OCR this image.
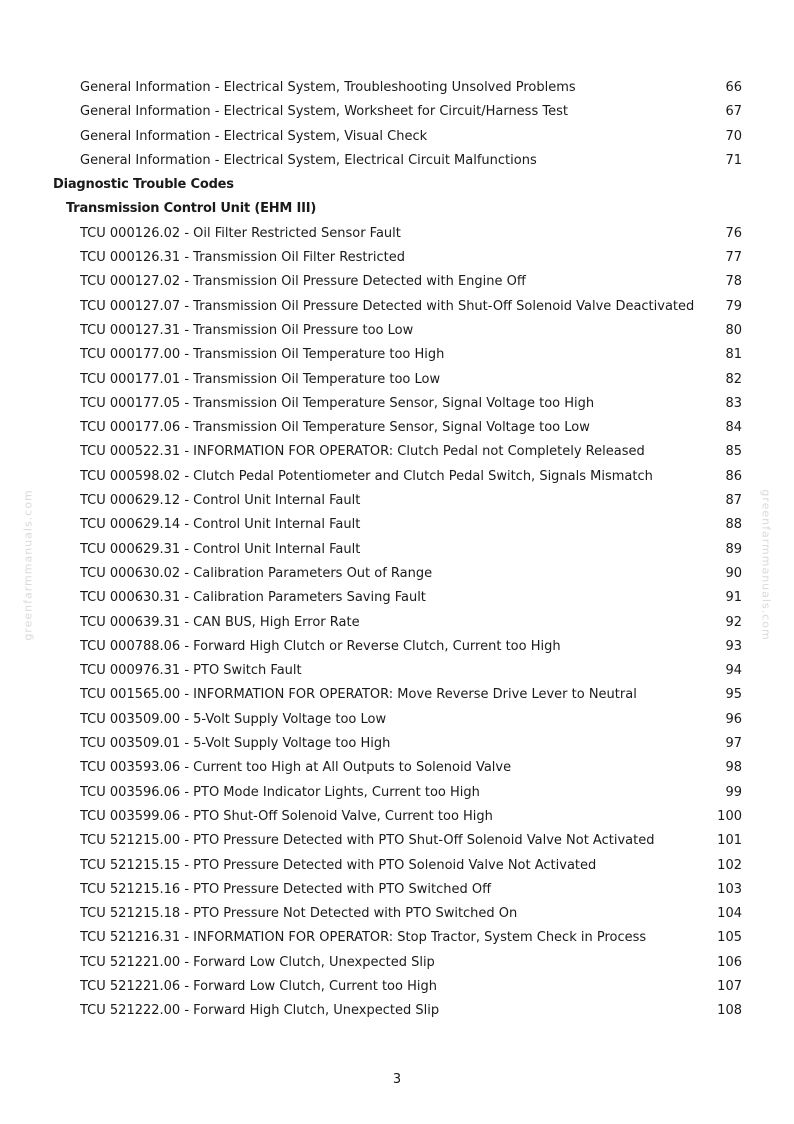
greenfarmmanuals.com	greenfarmmanuals.com
General Information - Electrical System, Troubleshooting Unsolved Problems	66
General Information - Electrical System, Worksheet for Circuit/Harness Test	67
General Information - Electrical System, Visual Check	70
General Information - Electrical System, Electrical Circuit Malfunctions	71
Diagnostic Trouble Codes
Transmission Control Unit (EHM III)
TCU 000126.02 - Oil Filter Restricted Sensor Fault	76
TCU 000126.31 - Transmission Oil Filter Restricted	77
TCU 000127.02 - Transmission Oil Pressure Detected with Engine Off	78
TCU 000127.07 - Transmission Oil Pressure Detected with Shut-Off Solenoid Valve Deactivated 79
TCU 000127.31 - Transmission Oil Pressure too Low	80
TCU 000177.00 - Transmission Oil Temperature too High	81
TCU 000177.01 - Transmission Oil Temperature too Low	82
TCU 000177.05 - Transmission Oil Temperature Sensor, Signal Voltage too High	83
TCU 000177.06 - Transmission Oil Temperature Sensor, Signal Voltage too Low	84
TCU 000522.31 - INFORMATION FOR OPERATOR: Clutch Pedal not Completely Released	85
TCU 000598.02 - Clutch Pedal Potentiometer and Clutch Pedal Switch, Signals Mismatch	86
TCU 000629.12 - Control Unit Internal Fault	87
TCU 000629.14 - Control Unit Internal Fault	88
TCU 000629.31 - Control Unit Internal Fault	89
TCU 000630.02 - Calibration Parameters Out of Range	90
TCU 000630.31 - Calibration Parameters Saving Fault	91
TCU 000639.31 - CAN BUS, High Error Rate	92
TCU 000788.06 - Forward High Clutch or Reverse Clutch, Current too High	93
TCU 000976.31 - PTO Switch Fault	94
TCU 001565.00 - INFORMATION FOR OPERATOR: Move Reverse Drive Lever to Neutral	95
TCU 003509.00 - 5-Volt Supply Voltage too Low	96
TCU 003509.01 - 5-Volt Supply Voltage too High	97
TCU 003593.06 - Current too High at All Outputs to Solenoid Valve	98
TCU 003596.06 - PTO Mode Indicator Lights, Current too High	99
TCU 003599.06 - PTO Shut-Off Solenoid Valve, Current too High	100
TCU 521215.00 - PTO Pressure Detected with PTO Shut-Off Solenoid Valve Not Activated	101
TCU 521215.15 - PTO Pressure Detected with PTO Solenoid Valve Not Activated	102
TCU 521215.16 - PTO Pressure Detected with PTO Switched Off	103
TCU 521215.18 - PTO Pressure Not Detected with PTO Switched On	104
TCU 521216.31 - INFORMATION FOR OPERATOR: Stop Tractor, System Check in Process	105
TCU 521221.00 - Forward Low Clutch, Unexpected Slip	106
TCU 521221.06 - Forward Low Clutch, Current too High	107
TCU 521222.00 - Forward High Clutch, Unexpected Slip	108
3
